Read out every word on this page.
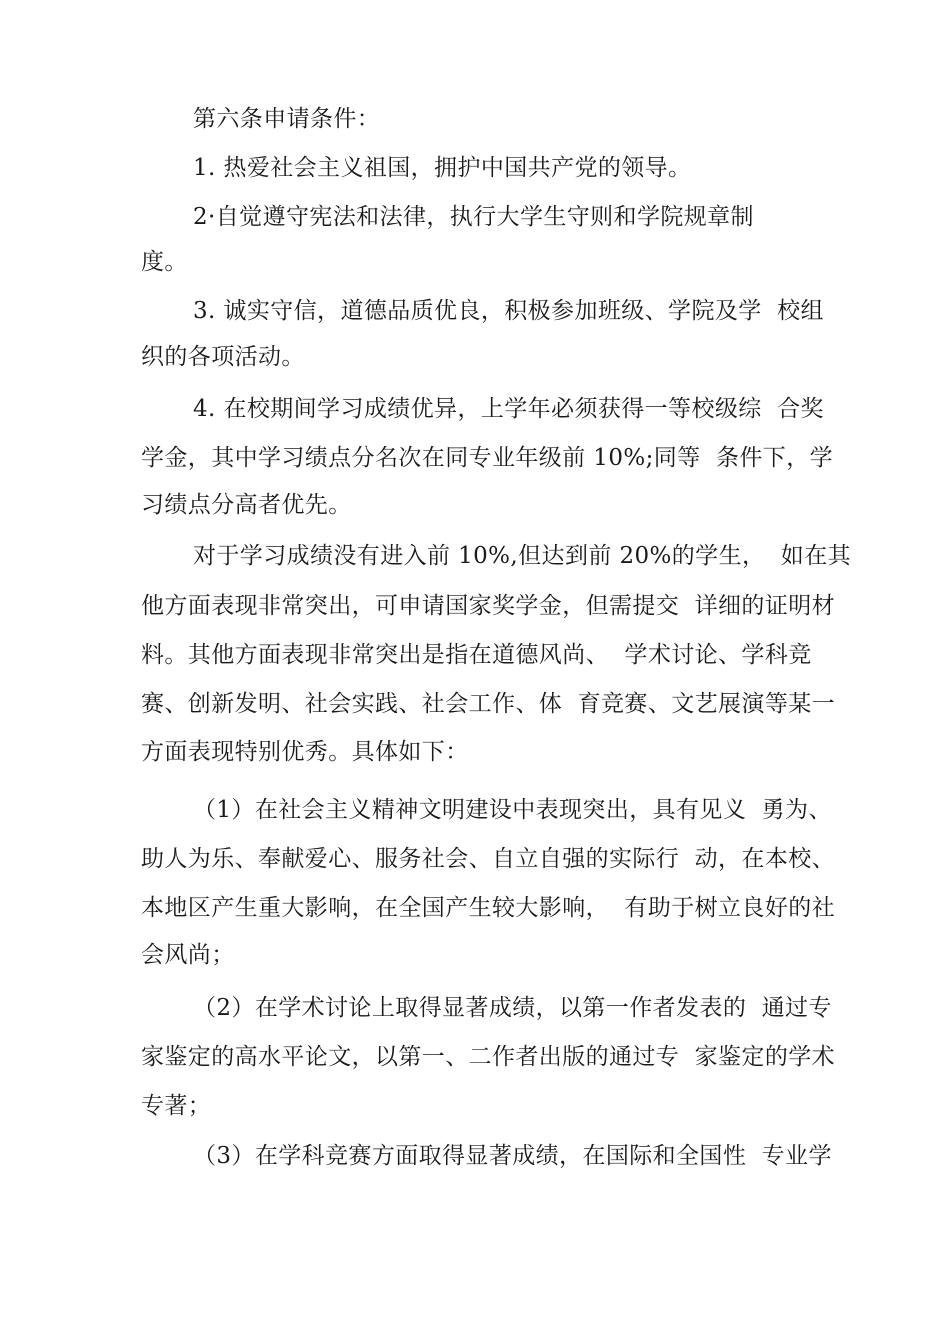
第六条申请条件：
1. 热爱社会主义祖国，拥护中国共产党的领导。
2·自觉遵守宪法和法律，执行大学生守则和学院规章制
度。
3. 诚实守信，道德品质优良，积极参加班级、学院及学  校组
织的各项活动。
4. 在校期间学习成绩优异，上学年必须获得一等校级综  合奖
学金，其中学习绩点分名次在同专业年级前 10%;同等  条件下，学
习绩点分高者优先。
对于学习成绩没有进入前 10%,但达到前 20%的学生，  如在其
他方面表现非常突出，可申请国家奖学金，但需提交  详细的证明材
料。其他方面表现非常突出是指在道德风尚、  学术讨论、学科竞
赛、创新发明、社会实践、社会工作、体  育竞赛、文艺展演等某一
方面表现特别优秀。具体如下：
（1）在社会主义精神文明建设中表现突出，具有见义  勇为、
助人为乐、奉献爱心、服务社会、自立自强的实际行  动，在本校、
本地区产生重大影响，在全国产生较大影响，  有助于树立良好的社
会风尚；
（2）在学术讨论上取得显著成绩，以第一作者发表的  通过专
家鉴定的高水平论文，以第一、二作者出版的通过专  家鉴定的学术
专著；
（3）在学科竞赛方面取得显著成绩，在国际和全国性  专业学
